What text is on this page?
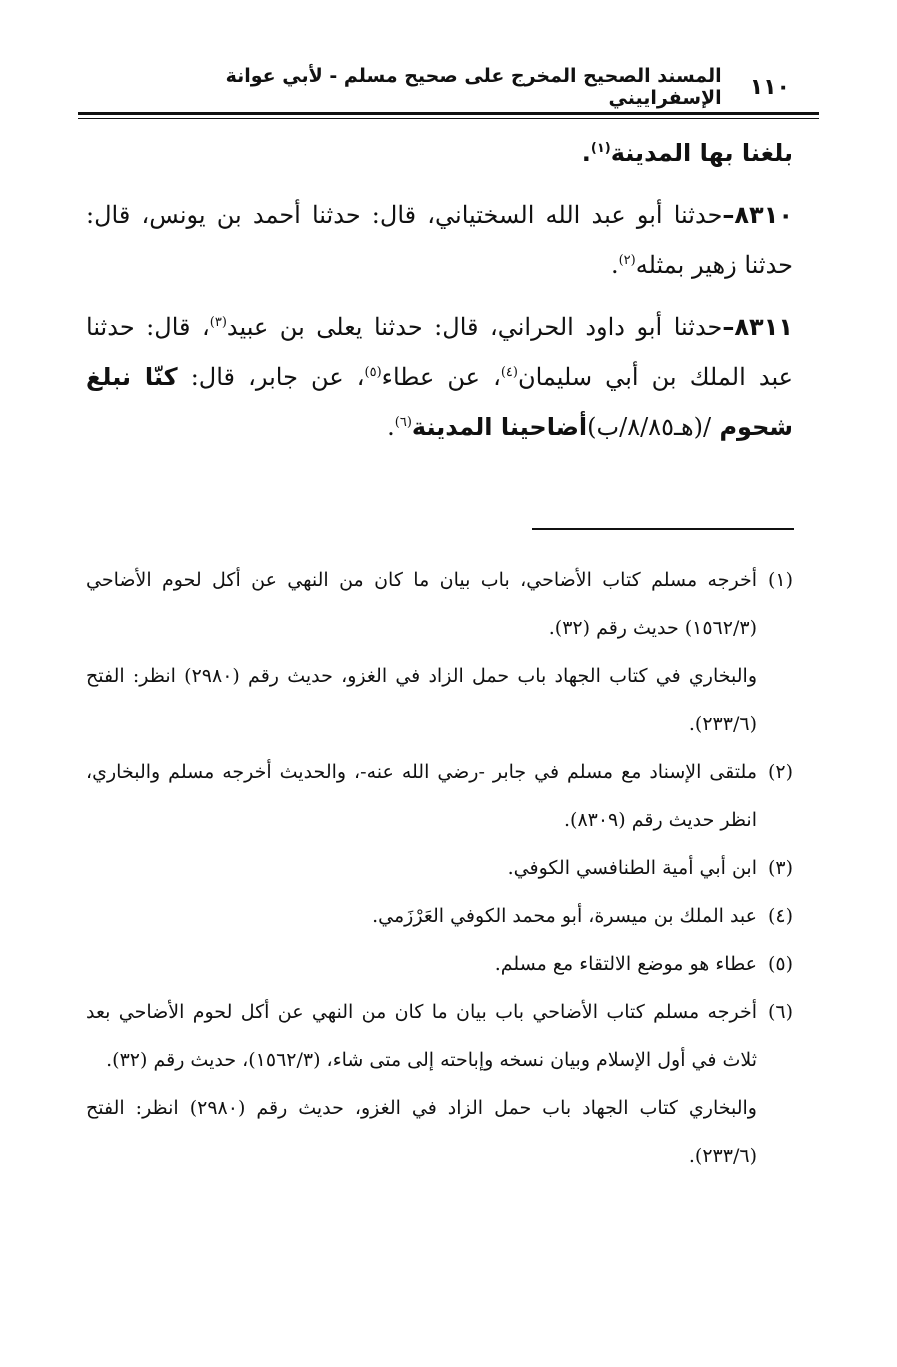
١١٠
المسند الصحيح المخرج على صحيح مسلم - لأبي عوانة الإسفراييني

بلغنا بها المدينة$^{(١)}$.

٨٣١٠–حدثنا أبو عبد الله السختياني، قال: حدثنا أحمد بن يونس، قال: حدثنا زهير بمثله$^{(٢)}$.

٨٣١١–حدثنا أبو داود الحراني، قال: حدثنا يعلى بن عبيد$^{(٣)}$، قال: حدثنا عبد الملك بن أبي سليمان$^{(٤)}$، عن عطاء$^{(٥)}$، عن جابر، قال: كنّا نبلغ شحوم /(هـ٨/٨٥/ب)أضاحينا المدينة$^{(٦)}$.

(١)
أخرجه مسلم كتاب الأضاحي، باب بيان ما كان من النهي عن أكل لحوم الأضاحي (١٥٦٢/٣) حديث رقم (٣٢).
والبخاري في كتاب الجهاد باب حمل الزاد في الغزو، حديث رقم (٢٩٨٠) انظر: الفتح (٢٣٣/٦).
(٢)
ملتقى الإسناد مع مسلم في جابر -رضي الله عنه-، والحديث أخرجه مسلم والبخاري، انظر حديث رقم (٨٣٠٩).
(٣)
ابن أبي أمية الطنافسي الكوفي.
(٤)
عبد الملك بن ميسرة، أبو محمد الكوفي العَرْزَمي.
(٥)
عطاء هو موضع الالتقاء مع مسلم.
(٦)
أخرجه مسلم كتاب الأضاحي باب بيان ما كان من النهي عن أكل لحوم الأضاحي بعد ثلاث في أول الإسلام وبيان نسخه وإباحته إلى متى شاء، (١٥٦٢/٣)، حديث رقم (٣٢).
والبخاري كتاب الجهاد باب حمل الزاد في الغزو، حديث رقم (٢٩٨٠) انظر: الفتح (٢٣٣/٦).
